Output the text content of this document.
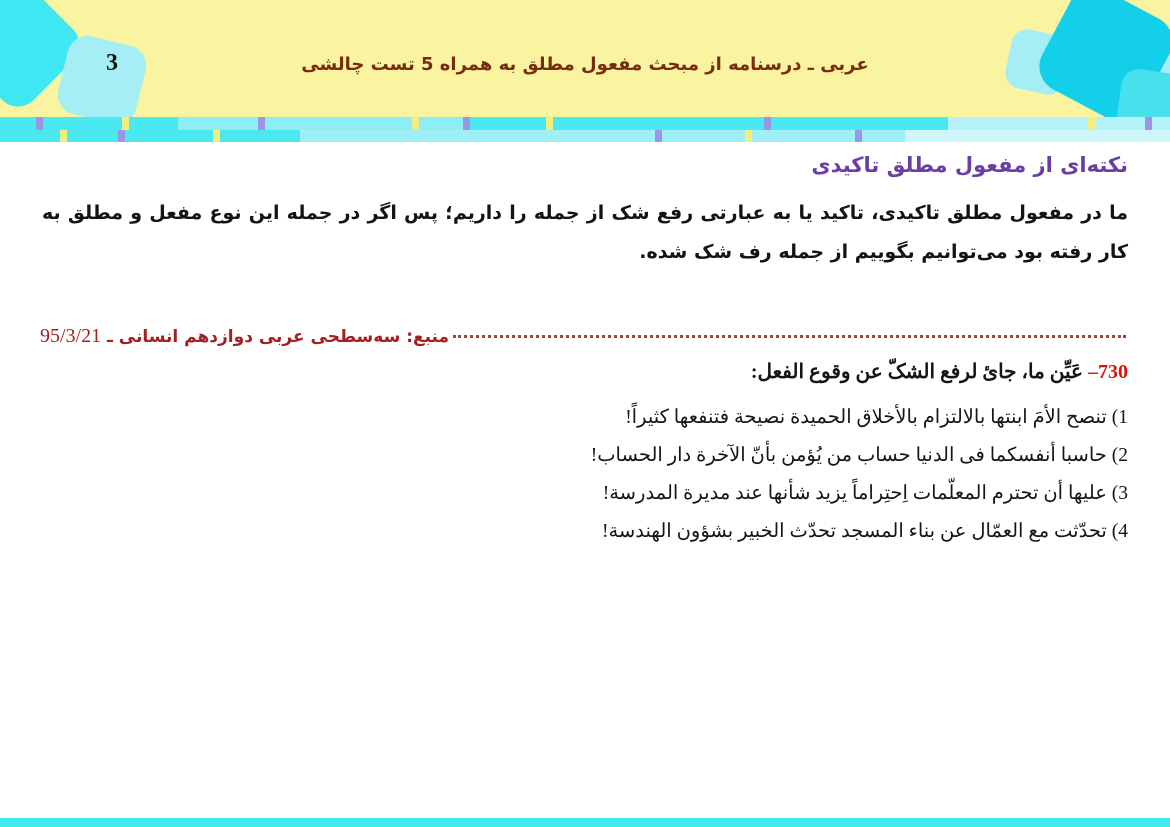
3	عربی ـ درسنامه از مبحث مفعول مطلق به همراه 5 تست چالشی
نکته‌ای از مفعول مطلق تاکیدی
ما در مفعول مطلق تاکیدی، تاکید یا به عبارتی رفع شک از جمله را داریم؛ پس اگر در جمله این نوع مفعل و مطلق به کار رفته بود می‌توانیم بگوییم از جمله رف شک شده.
منبع: سه‌سطحی عربی دوازدهم انسانی ـ 95/3/21
730– عَیِّن ما، جائ لرفع الشکّ عن وقوع الفعل:
1) تنصح الأمَ ابنتها بالالتزام بالأخلاق الحمیدة نصیحة فتنفعها کثیراً!
2) حاسبا أنفسکما فی الدنیا حساب من یُؤمن بأنّ الآخرة دار الحساب!
3) علیها أن تحترم المعلّمات اِحتِراماً یزید شأنها عند مدیرة المدرسة!
4) تحدّثت مع العمّال عن بناء المسجد تحدّث الخبیر بشؤون الهندسة!
